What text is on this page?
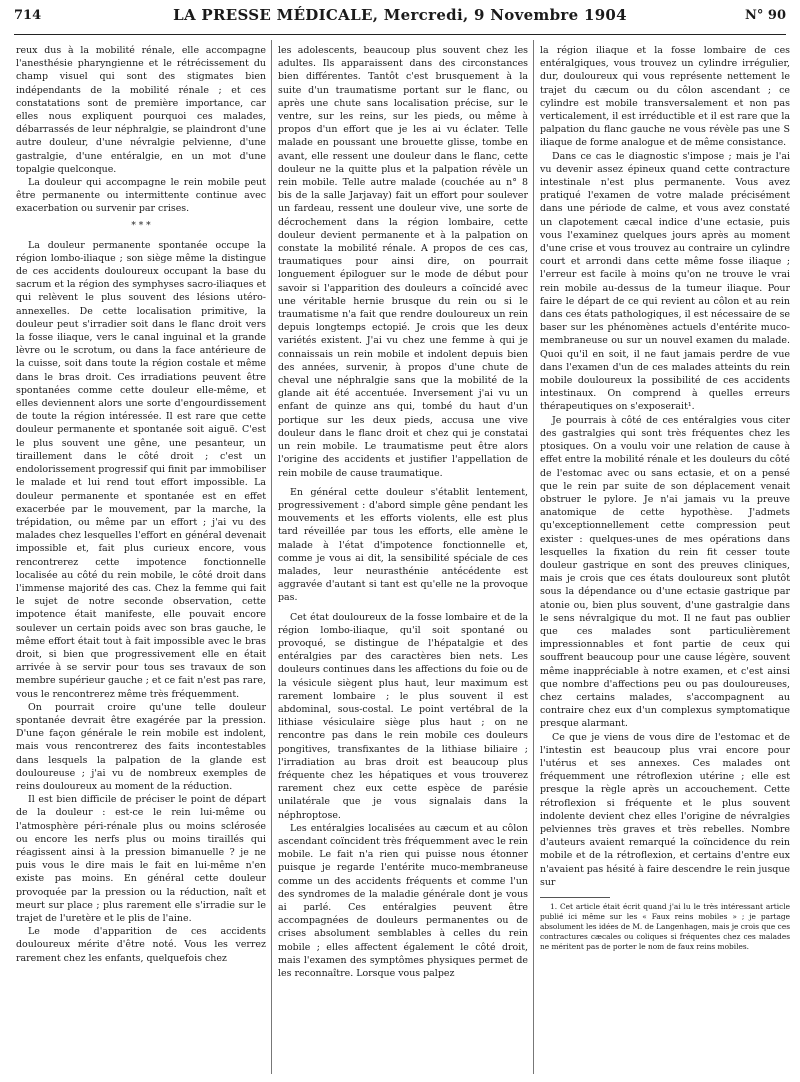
714	LA PRESSE MÉDICALE, Mercredi, 9 Novembre 1904	N° 90

reux dus à la mobilité rénale, elle accompagne l'anesthésie pharyngienne et le rétrécissement du champ visuel qui sont des stigmates bien indépendants de la mobilité rénale ; et ces constatations sont de première importance, car elles nous expliquent pourquoi ces malades, débarrassés de leur néphralgie, se plaindront d'une autre douleur, d'une névralgie pelvienne, d'une gastralgie, d'une entéralgie, en un mot d'une topalgie quelconque.

La douleur qui accompagne le rein mobile peut être permanente ou intermittente continue avec exacerbation ou survenir par crises.

* * *

La douleur permanente spontanée occupe la région lombo-iliaque ; son siège même la distingue de ces accidents douloureux occupant la base du sacrum et la région des symphyses sacro-iliaques et qui relèvent le plus souvent des lésions utéro-annexelles. De cette localisation primitive, la douleur peut s'irradier soit dans le flanc droit vers la fosse iliaque, vers le canal inguinal et la grande lèvre ou le scrotum, ou dans la face antérieure de la cuisse, soit dans toute la région costale et même dans le bras droit. Ces irradiations peuvent être spontanées comme cette douleur elle-même, et elles deviennent alors une sorte d'engourdissement de toute la région intéressée. Il est rare que cette douleur permanente et spontanée soit aiguë. C'est le plus souvent une gêne, une pesanteur, un tiraillement dans le côté droit ; c'est un endolorissement progressif qui finit par immobiliser le malade et lui rend tout effort impossible. La douleur permanente et spontanée est en effet exacerbée par le mouvement, par la marche, la trépidation, ou même par un effort ; j'ai vu des malades chez lesquelles l'effort en général devenait impossible et, fait plus curieux encore, vous rencontrerez cette impotence fonctionnelle localisée au côté du rein mobile, le côté droit dans l'immense majorité des cas. Chez la femme qui fait le sujet de notre seconde observation, cette impotence était manifeste, elle pouvait encore soulever un certain poids avec son bras gauche, le même effort était tout à fait impossible avec le bras droit, si bien que progressivement elle en était arrivée à se servir pour tous ses travaux de son membre supérieur gauche ; et ce fait n'est pas rare, vous le rencontrerez même très fréquemment.

On pourrait croire qu'une telle douleur spontanée devrait être exagérée par la pression. D'une façon générale le rein mobile est indolent, mais vous rencontrerez des faits incontestables dans lesquels la palpation de la glande est douloureuse ; j'ai vu de nombreux exemples de reins douloureux au moment de la réduction.

Il est bien difficile de préciser le point de départ de la douleur : est-ce le rein lui-même ou l'atmosphère péri-rénale plus ou moins sclérosée ou encore les nerfs plus ou moins tiraillés qui réagissent ainsi à la pression bimanuelle ? je ne puis vous le dire mais le fait en lui-même n'en existe pas moins. En général cette douleur provoquée par la pression ou la réduction, naît et meurt sur place ; plus rarement elle s'irradie sur le trajet de l'uretère et le plis de l'aine.

Le mode d'apparition de ces accidents douloureux mérite d'être noté. Vous les verrez rarement chez les enfants, quelquefois chez

les adolescents, beaucoup plus souvent chez les adultes. Ils apparaissent dans des circonstances bien différentes. Tantôt c'est brusquement à la suite d'un traumatisme portant sur le flanc, ou après une chute sans localisation précise, sur le ventre, sur les reins, sur les pieds, ou même à propos d'un effort que je les ai vu éclater. Telle malade en poussant une brouette glisse, tombe en avant, elle ressent une douleur dans le flanc, cette douleur ne la quitte plus et la palpation révèle un rein mobile. Telle autre malade (couchée au n° 8 bis de la salle Jarjavay) fait un effort pour soulever un fardeau, ressent une douleur vive, une sorte de décrochement dans la région lombaire, cette douleur devient permanente et à la palpation on constate la mobilité rénale. A propos de ces cas, traumatiques pour ainsi dire, on pourrait longuement épiloguer sur le mode de début pour savoir si l'apparition des douleurs a coïncidé avec une véritable hernie brusque du rein ou si le traumatisme n'a fait que rendre douloureux un rein depuis longtemps ectopié. Je crois que les deux variétés existent. J'ai vu chez une femme à qui je connaissais un rein mobile et indolent depuis bien des années, survenir, à propos d'une chute de cheval une néphralgie sans que la mobilité de la glande ait été accentuée. Inversement j'ai vu un enfant de quinze ans qui, tombé du haut d'un portique sur les deux pieds, accusa une vive douleur dans le flanc droit et chez qui je constatai un rein mobile. Le traumatisme peut être alors l'origine des accidents et justifier l'appellation de rein mobile de cause traumatique.

En général cette douleur s'établit lentement, progressivement : d'abord simple gêne pendant les mouvements et les efforts violents, elle est plus tard réveillée par tous les efforts, elle amène le malade à l'état d'impotence fonctionnelle et, comme je vous ai dit, la sensibilité spéciale de ces malades, leur neurasthénie antécédente est aggravée d'autant si tant est qu'elle ne la provoque pas.

Cet état douloureux de la fosse lombaire et de la région lombo-iliaque, qu'il soit spontané ou provoqué, se distingue de l'hépatalgie et des entéralgies par des caractères bien nets. Les douleurs continues dans les affections du foie ou de la vésicule siègent plus haut, leur maximum est rarement lombaire ; le plus souvent il est abdominal, sous-costal. Le point vertébral de la lithiase vésiculaire siège plus haut ; on ne rencontre pas dans le rein mobile ces douleurs pongitives, transfixantes de la lithiase biliaire ; l'irradiation au bras droit est beaucoup plus fréquente chez les hépatiques et vous trouverez rarement chez eux cette espèce de parésie unilatérale que je vous signalais dans la néphroptose.

Les entéralgies localisées au cæcum et au côlon ascendant coïncident très fréquemment avec le rein mobile. Le fait n'a rien qui puisse nous étonner puisque je regarde l'entérite muco-membraneuse comme un des accidents fréquents et comme l'un des syndromes de la maladie générale dont je vous ai parlé. Ces entéralgies peuvent être accompagnées de douleurs permanentes ou de crises absolument semblables à celles du rein mobile ; elles affectent également le côté droit, mais l'examen des symptômes physiques permet de les reconnaître. Lorsque vous palpez

la région iliaque et la fosse lombaire de ces entéralgiques, vous trouvez un cylindre irrégulier, dur, douloureux qui vous représente nettement le trajet du cæcum ou du côlon ascendant ; ce cylindre est mobile transversalement et non pas verticalement, il est irréductible et il est rare que la palpation du flanc gauche ne vous révèle pas une S iliaque de forme analogue et de même consistance.

Dans ce cas le diagnostic s'impose ; mais je l'ai vu devenir assez épineux quand cette contracture intestinale n'est plus permanente. Vous avez pratiqué l'examen de votre malade précisément dans une période de calme, et vous avez constaté un clapotement cæcal indice d'une ectasie, puis vous l'examinez quelques jours après au moment d'une crise et vous trouvez au contraire un cylindre court et arrondi dans cette même fosse iliaque ; l'erreur est facile à moins qu'on ne trouve le vrai rein mobile au-dessus de la tumeur iliaque. Pour faire le départ de ce qui revient au côlon et au rein dans ces états pathologiques, il est nécessaire de se baser sur les phénomènes actuels d'entérite muco-membraneuse ou sur un nouvel examen du malade. Quoi qu'il en soit, il ne faut jamais perdre de vue dans l'examen d'un de ces malades atteints du rein mobile douloureux la possibilité de ces accidents intestinaux. On comprend à quelles erreurs thérapeutiques on s'exposerait¹.

Je pourrais à côté de ces entéralgies vous citer des gastralgies qui sont très fréquentes chez les ptosiques. On a voulu voir une relation de cause à effet entre la mobilité rénale et les douleurs du côté de l'estomac avec ou sans ectasie, et on a pensé que le rein par suite de son déplacement venait obstruer le pylore. Je n'ai jamais vu la preuve anatomique de cette hypothèse. J'admets qu'exceptionnellement cette compression peut exister : quelques-unes de mes opérations dans lesquelles la fixation du rein fit cesser toute douleur gastrique en sont des preuves cliniques, mais je crois que ces états douloureux sont plutôt sous la dépendance ou d'une ectasie gastrique par atonie ou, bien plus souvent, d'une gastralgie dans le sens névralgique du mot. Il ne faut pas oublier que ces malades sont particulièrement impressionnables et font partie de ceux qui souffrent beaucoup pour une cause légère, souvent même inappréciable à notre examen, et c'est ainsi que nombre d'affections peu ou pas douloureuses, chez certains malades, s'accompagnent au contraire chez eux d'un complexus symptomatique presque alarmant.

Ce que je viens de vous dire de l'estomac et de l'intestin est beaucoup plus vrai encore pour l'utérus et ses annexes. Ces malades ont fréquemment une rétroflexion utérine ; elle est presque la règle après un accouchement. Cette rétroflexion si fréquente et le plus souvent indolente devient chez elles l'origine de névralgies pelviennes très graves et très rebelles. Nombre d'auteurs avaient remarqué la coïncidence du rein mobile et de la rétroflexion, et certains d'entre eux n'avaient pas hésité à faire descendre le rein jusque sur

1. Cet article était écrit quand j'ai lu le très intéressant article publié ici même sur les « Faux reins mobiles » ; je partage absolument les idées de M. de Langenhagen, mais je crois que ces contractures cæcales ou coliques si fréquentes chez ces malades ne méritent pas de porter le nom de faux reins mobiles.
